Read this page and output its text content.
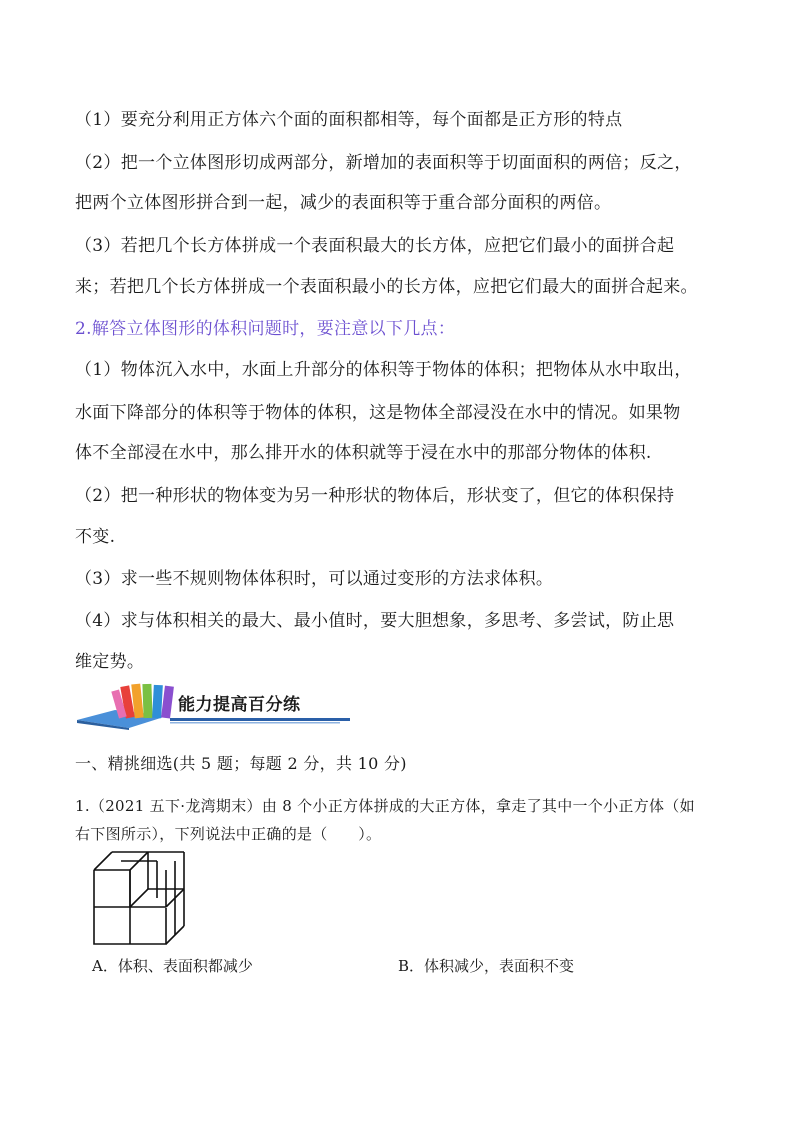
（1）要充分利用正方体六个面的面积都相等，每个面都是正方形的特点
（2）把一个立体图形切成两部分，新增加的表面积等于切面面积的两倍；反之，
把两个立体图形拼合到一起，减少的表面积等于重合部分面积的两倍。
（3）若把几个长方体拼成一个表面积最大的长方体，应把它们最小的面拼合起
来；若把几个长方体拼成一个表面积最小的长方体，应把它们最大的面拼合起来。
2.解答立体图形的体积问题时，要注意以下几点：
（1）物体沉入水中，水面上升部分的体积等于物体的体积；把物体从水中取出，
水面下降部分的体积等于物体的体积，这是物体全部浸没在水中的情况。如果物
体不全部浸在水中，那么排开水的体积就等于浸在水中的那部分物体的体积.
（2）把一种形状的物体变为另一种形状的物体后，形状变了，但它的体积保持
不变.
（3）求一些不规则物体体积时，可以通过变形的方法求体积。
（4）求与体积相关的最大、最小值时，要大胆想象，多思考、多尝试，防止思
维定势。
能力提高百分练
一、精挑细选(共 5 题；每题 2 分，共 10 分)
1.（2021 五下·龙湾期末）由 8 个小正方体拼成的大正方体，拿走了其中一个小正方体（如
右下图所示），下列说法中正确的是（　　）。
A．体积、表面积都减少	B．体积减少，表面积不变
